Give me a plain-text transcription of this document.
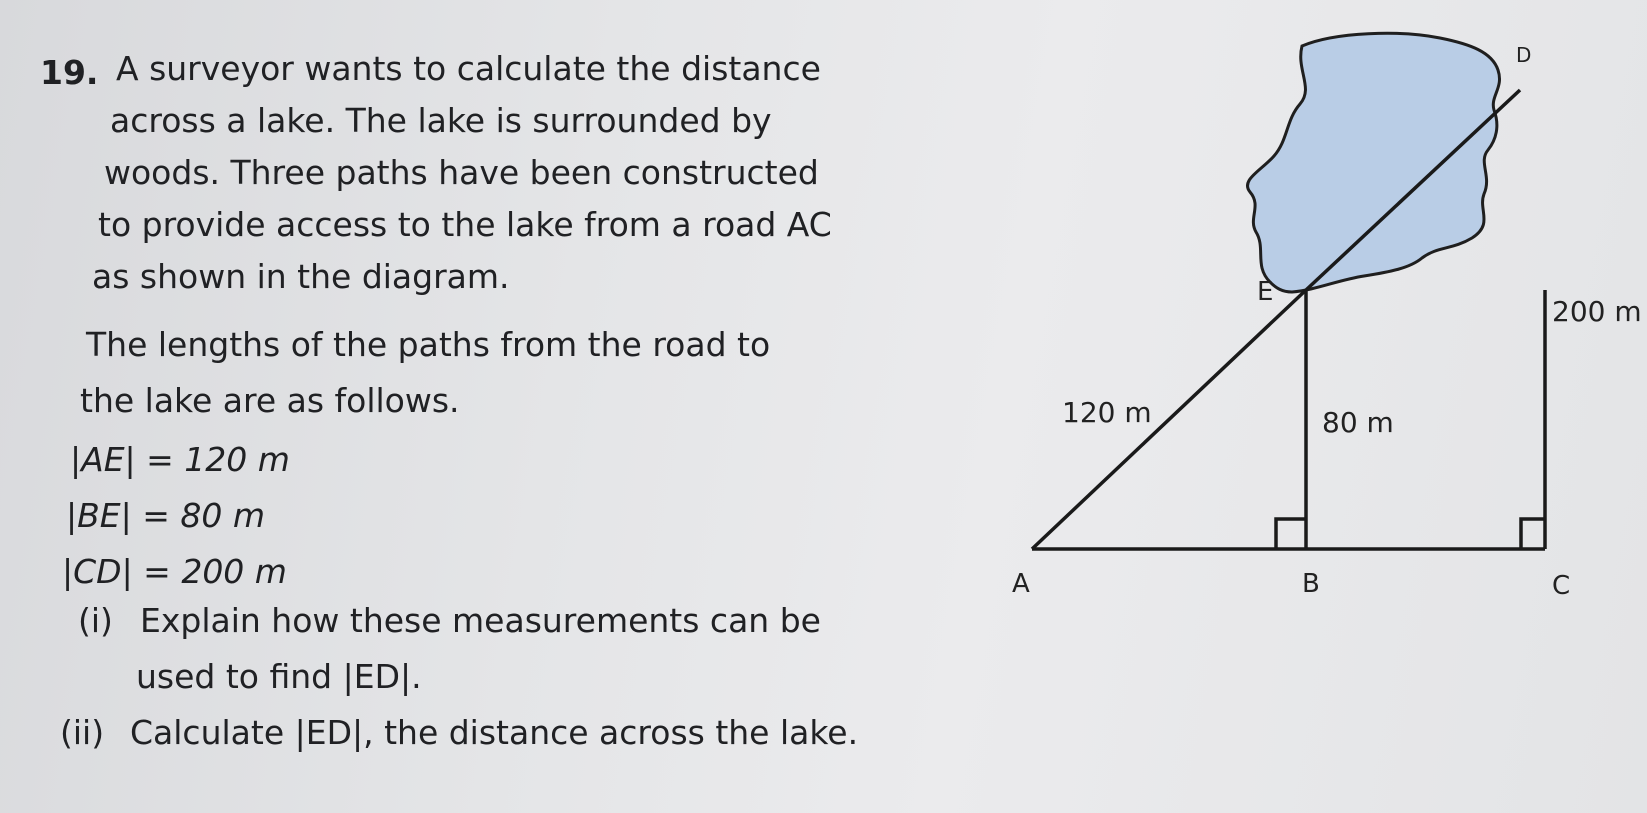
19. A surveyor wants to calculate the distance
across a lake. The lake is surrounded by
woods. Three paths have been constructed
to provide access to the lake from a road AC
as shown in the diagram.
The lengths of the paths from the road to
the lake are as follows.
|AE| = 120 m
|BE| = 80 m
|CD| = 200 m
(i) Explain how these measurements can be
used to find |ED|.
(ii) Calculate |ED|, the distance across the lake.
A	B	C
D
E
120 m	80 m
200 m
